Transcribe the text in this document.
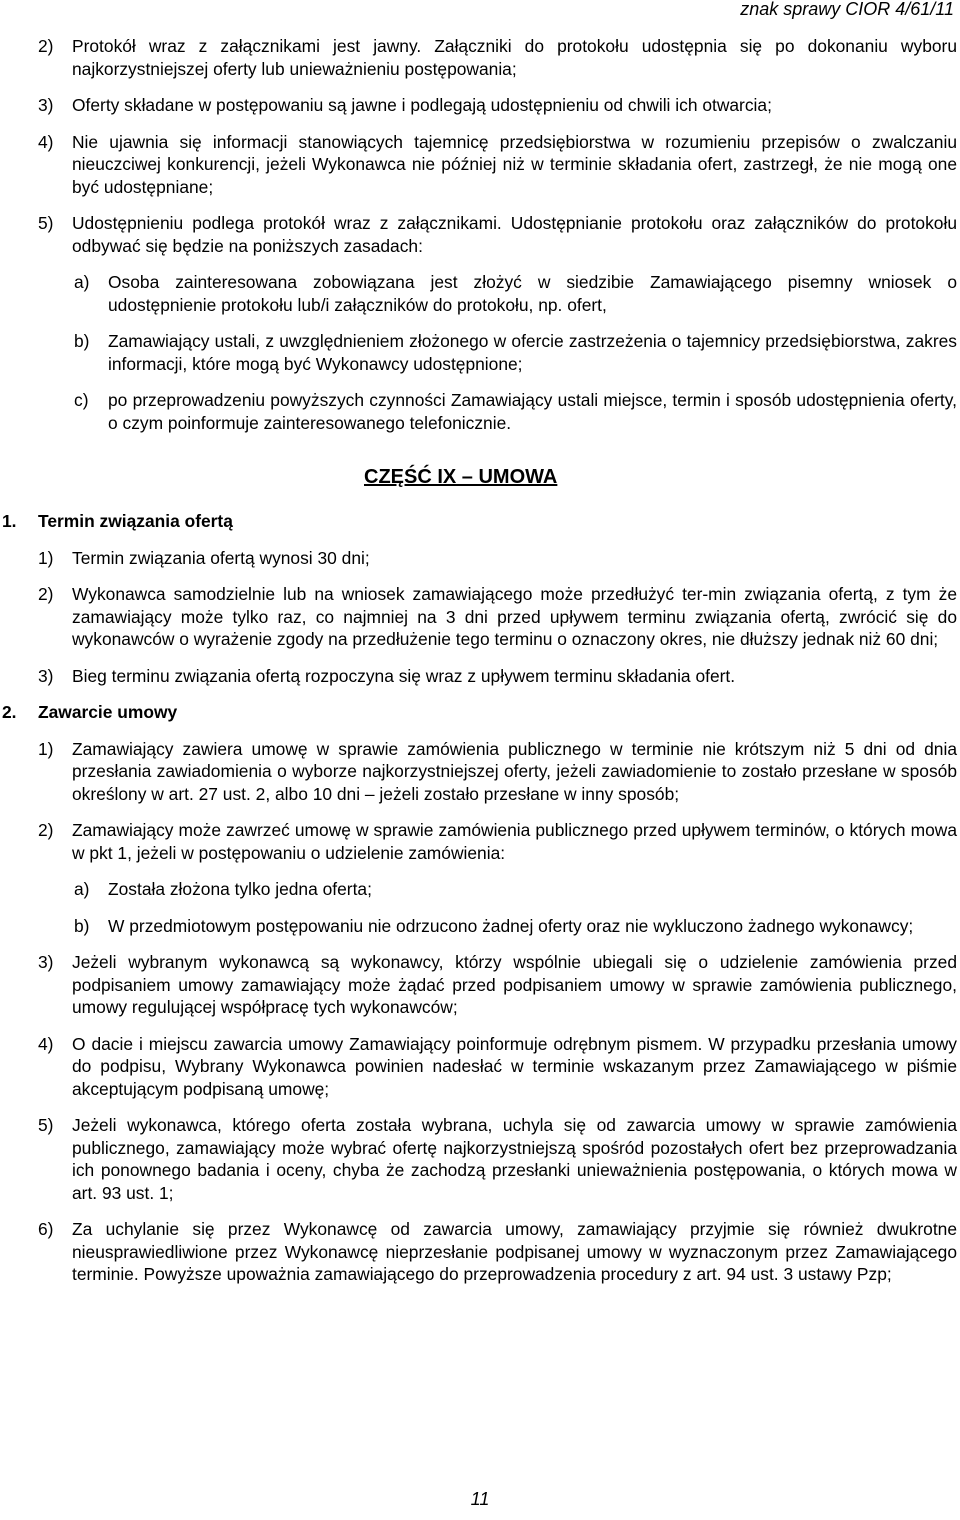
znak sprawy CIOR 4/61/11
2) Protokół wraz z załącznikami jest jawny. Załączniki do protokołu udostępnia się po dokonaniu wyboru najkorzystniejszej oferty lub unieważnieniu postępowania;
3) Oferty składane w postępowaniu są jawne i podlegają udostępnieniu od chwili ich otwarcia;
4) Nie ujawnia się informacji stanowiących tajemnicę przedsiębiorstwa w rozumieniu przepisów o zwalczaniu nieuczciwej konkurencji, jeżeli Wykonawca nie później niż w terminie składania ofert, zastrzegł, że nie mogą one być udostępniane;
5) Udostępnieniu podlega protokół wraz z załącznikami. Udostępnianie protokołu oraz załączników do protokołu odbywać się będzie na poniższych zasadach:
a) Osoba zainteresowana zobowiązana jest złożyć w siedzibie Zamawiającego pisemny wniosek o udostępnienie protokołu lub/i załączników do protokołu, np. ofert,
b) Zamawiający ustali, z uwzględnieniem złożonego w ofercie zastrzeżenia o tajemnicy przedsiębiorstwa, zakres informacji, które mogą być Wykonawcy udostępnione;
c) po przeprowadzeniu powyższych czynności Zamawiający ustali miejsce, termin i sposób udostępnienia oferty, o czym poinformuje zainteresowanego telefonicznie.
CZĘŚĆ IX – UMOWA
1. Termin związania ofertą
1) Termin związania ofertą wynosi 30 dni;
2) Wykonawca samodzielnie lub na wniosek zamawiającego może przedłużyć ter-min związania ofertą, z tym że zamawiający może tylko raz, co najmniej na 3 dni przed upływem terminu związania ofertą, zwrócić się do wykonawców o wyrażenie zgody na przedłużenie tego terminu o oznaczony okres, nie dłuższy jednak niż 60 dni;
3) Bieg terminu związania ofertą rozpoczyna się wraz z upływem terminu składania ofert.
2. Zawarcie umowy
1) Zamawiający zawiera umowę w sprawie zamówienia publicznego w terminie nie krótszym niż 5 dni od dnia przesłania zawiadomienia o wyborze najkorzystniejszej oferty, jeżeli zawiadomienie to zostało przesłane w sposób określony w art. 27 ust. 2, albo 10 dni – jeżeli zostało przesłane w inny sposób;
2) Zamawiający może zawrzeć umowę w sprawie zamówienia publicznego przed upływem terminów, o których mowa w pkt 1, jeżeli w postępowaniu o udzielenie zamówienia:
a) Została złożona tylko jedna oferta;
b) W przedmiotowym postępowaniu nie odrzucono żadnej oferty oraz nie wykluczono żadnego wykonawcy;
3) Jeżeli wybranym wykonawcą są wykonawcy, którzy wspólnie ubiegali się o udzielenie zamówienia przed podpisaniem umowy zamawiający może żądać przed podpisaniem umowy w sprawie zamówienia publicznego, umowy regulującej współpracę tych wykonawców;
4) O dacie i miejscu zawarcia umowy Zamawiający poinformuje odrębnym pismem. W przypadku przesłania umowy do podpisu, Wybrany Wykonawca powinien nadesłać w terminie wskazanym przez Zamawiającego w piśmie akceptującym podpisaną umowę;
5) Jeżeli wykonawca, którego oferta została wybrana, uchyla się od zawarcia umowy w sprawie zamówienia publicznego, zamawiający może wybrać ofertę najkorzystniejszą spośród pozostałych ofert bez przeprowadzania ich ponownego badania i oceny, chyba że zachodzą przesłanki unieważnienia postępowania, o których mowa w art. 93 ust. 1;
6) Za uchylanie się przez Wykonawcę od zawarcia umowy, zamawiający przyjmie się również dwukrotne nieusprawiedliwione przez Wykonawcę nieprzesłanie podpisanej umowy w wyznaczonym przez Zamawiającego terminie. Powyższe upoważnia zamawiającego do przeprowadzenia procedury z art. 94 ust. 3 ustawy Pzp;
11
